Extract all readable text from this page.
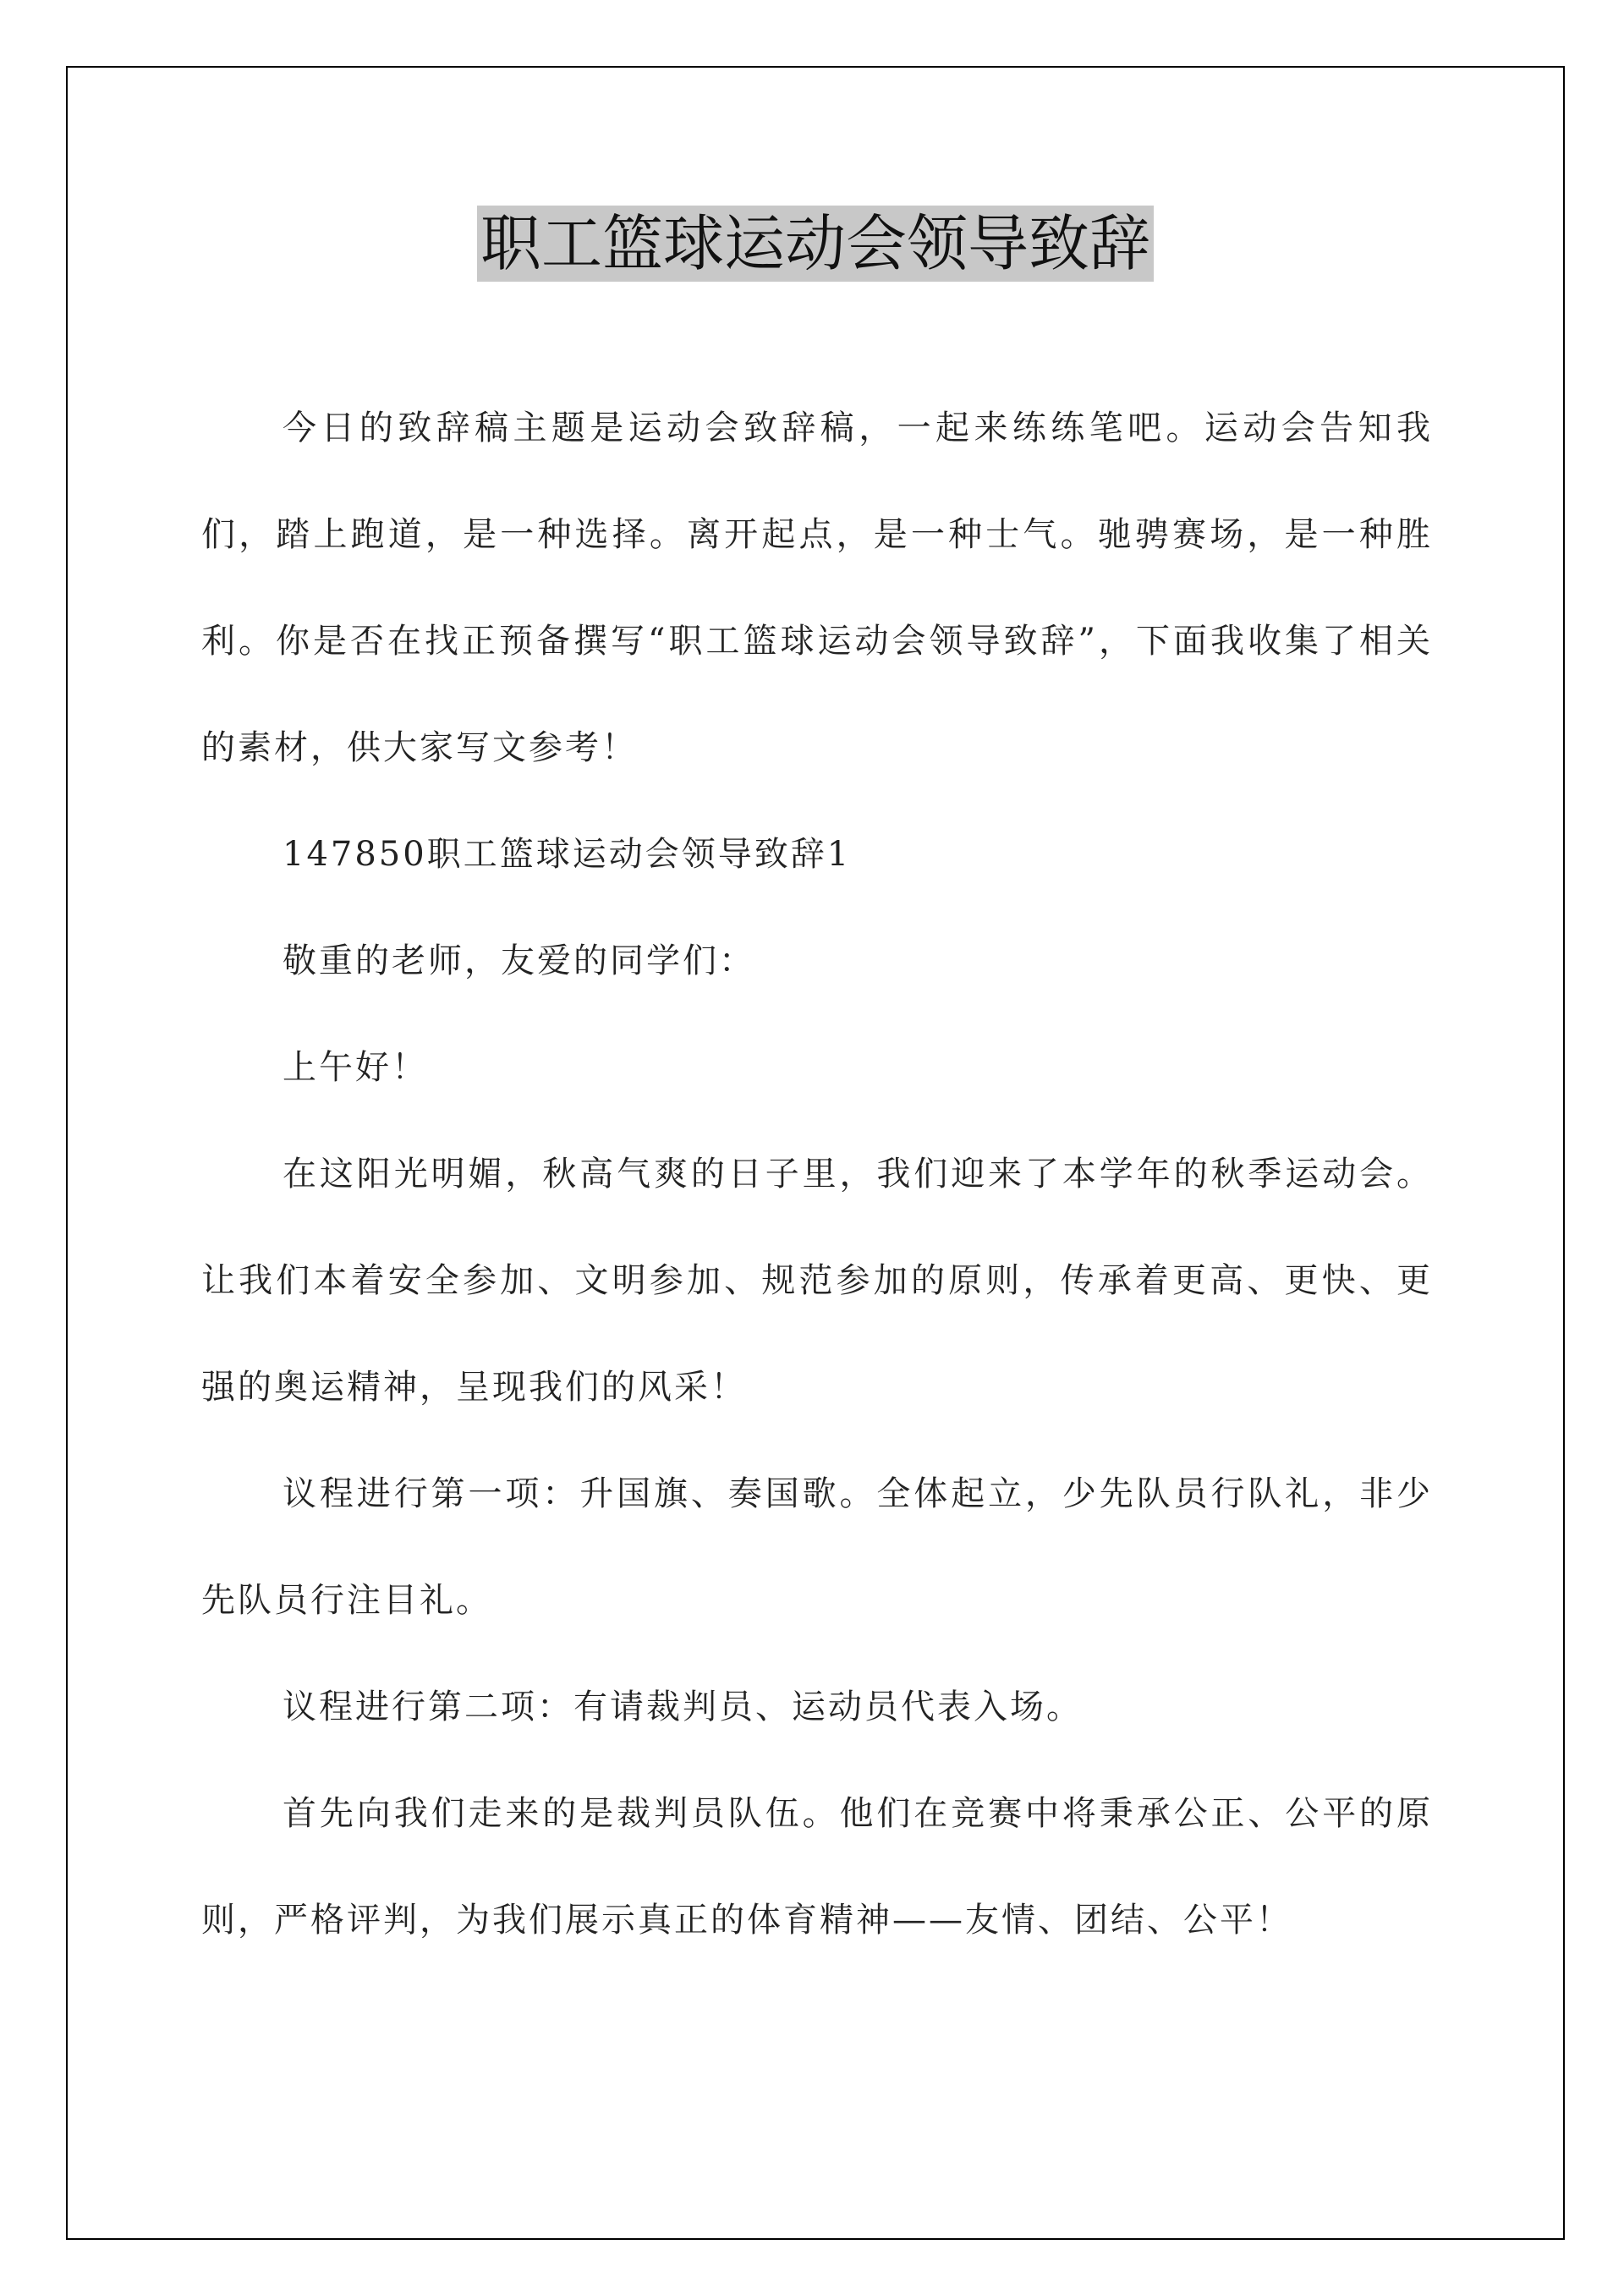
职工篮球运动会领导致辞

今日的致辞稿主题是运动会致辞稿，一起来练练笔吧。运动会告知我们，踏上跑道，是一种选择。离开起点，是一种士气。驰骋赛场，是一种胜利。你是否在找正预备撰写“职工篮球运动会领导致辞”，下面我收集了相关的素材，供大家写文参考！

147850职工篮球运动会领导致辞1

敬重的老师，友爱的同学们：

上午好！

在这阳光明媚，秋高气爽的日子里，我们迎来了本学年的秋季运动会。让我们本着安全参加、文明参加、规范参加的原则，传承着更高、更快、更强的奥运精神，呈现我们的风采！

议程进行第一项：升国旗、奏国歌。全体起立，少先队员行队礼，非少先队员行注目礼。

议程进行第二项：有请裁判员、运动员代表入场。

首先向我们走来的是裁判员队伍。他们在竞赛中将秉承公正、公平的原则，严格评判，为我们展示真正的体育精神——友情、团结、公平！
